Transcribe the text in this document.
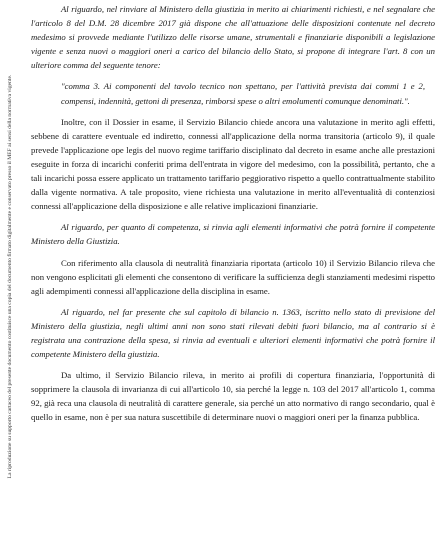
La riproduzione su supporto cartaceo del presente documento costituisce una copia del documento firmato digitalmente e conservato presso il MEF ai sensi della normativa vigente.

Al riguardo, nel rinviare al Ministero della giustizia in merito ai chiarimenti richiesti, e nel segnalare che l'articolo 8 del D.M. 28 dicembre 2017 già dispone che all'attuazione delle disposizioni contenute nel decreto medesimo si provvede mediante l'utilizzo delle risorse umane, strumentali e finanziarie disponibili a legislazione vigente e senza nuovi o maggiori oneri a carico del bilancio dello Stato, si propone di integrare l'art. 8 con un ulteriore comma del seguente tenore:

"comma 3. Ai componenti del tavolo tecnico non spettano, per l'attività prevista dai commi 1 e 2, compensi, indennità, gettoni di presenza, rimborsi spese o altri emolumenti comunque denominati.".

Inoltre, con il Dossier in esame, il Servizio Bilancio chiede ancora una valutazione in merito agli effetti, sebbene di carattere eventuale ed indiretto, connessi all'applicazione della norma transitoria (articolo 9), il quale prevede l'applicazione ope legis del nuovo regime tariffario disciplinato dal decreto in esame anche alle prestazioni eseguite in forza di incarichi conferiti prima dell'entrata in vigore del medesimo, con la possibilità, pertanto, che a tali incarichi possa essere applicato un trattamento tariffario peggiorativo rispetto a quello contrattualmente stabilito dalla vigente normativa. A tale proposito, viene richiesta una valutazione in merito all'eventualità di contenziosi connessi all'applicazione della disposizione e alle relative implicazioni finanziarie.

Al riguardo, per quanto di competenza, si rinvia agli elementi informativi che potrà fornire il competente Ministero della Giustizia.

Con riferimento alla clausola di neutralità finanziaria riportata (articolo 10) il Servizio Bilancio rileva che non vengono esplicitati gli elementi che consentono di verificare la sufficienza degli stanziamenti medesimi rispetto agli adempimenti connessi all'applicazione della disciplina in esame.

Al riguardo, nel far presente che sul capitolo di bilancio n. 1363, iscritto nello stato di previsione del Ministero della giustizia, negli ultimi anni non sono stati rilevati debiti fuori bilancio, ma al contrario si è registrata una contrazione della spesa, si rinvia ad eventuali e ulteriori elementi informativi che potrà fornire il competente Ministero della giustizia.

Da ultimo, il Servizio Bilancio rileva, in merito ai profili di copertura finanziaria, l'opportunità di sopprimere la clausola di invarianza di cui all'articolo 10, sia perché la legge n. 103 del 2017 all'articolo 1, comma 92, già reca una clausola di neutralità di carattere generale, sia perché un atto normativo di rango secondario, qual è quello in esame, non è per sua natura suscettibile di determinare nuovi o maggiori oneri per la finanza pubblica.
